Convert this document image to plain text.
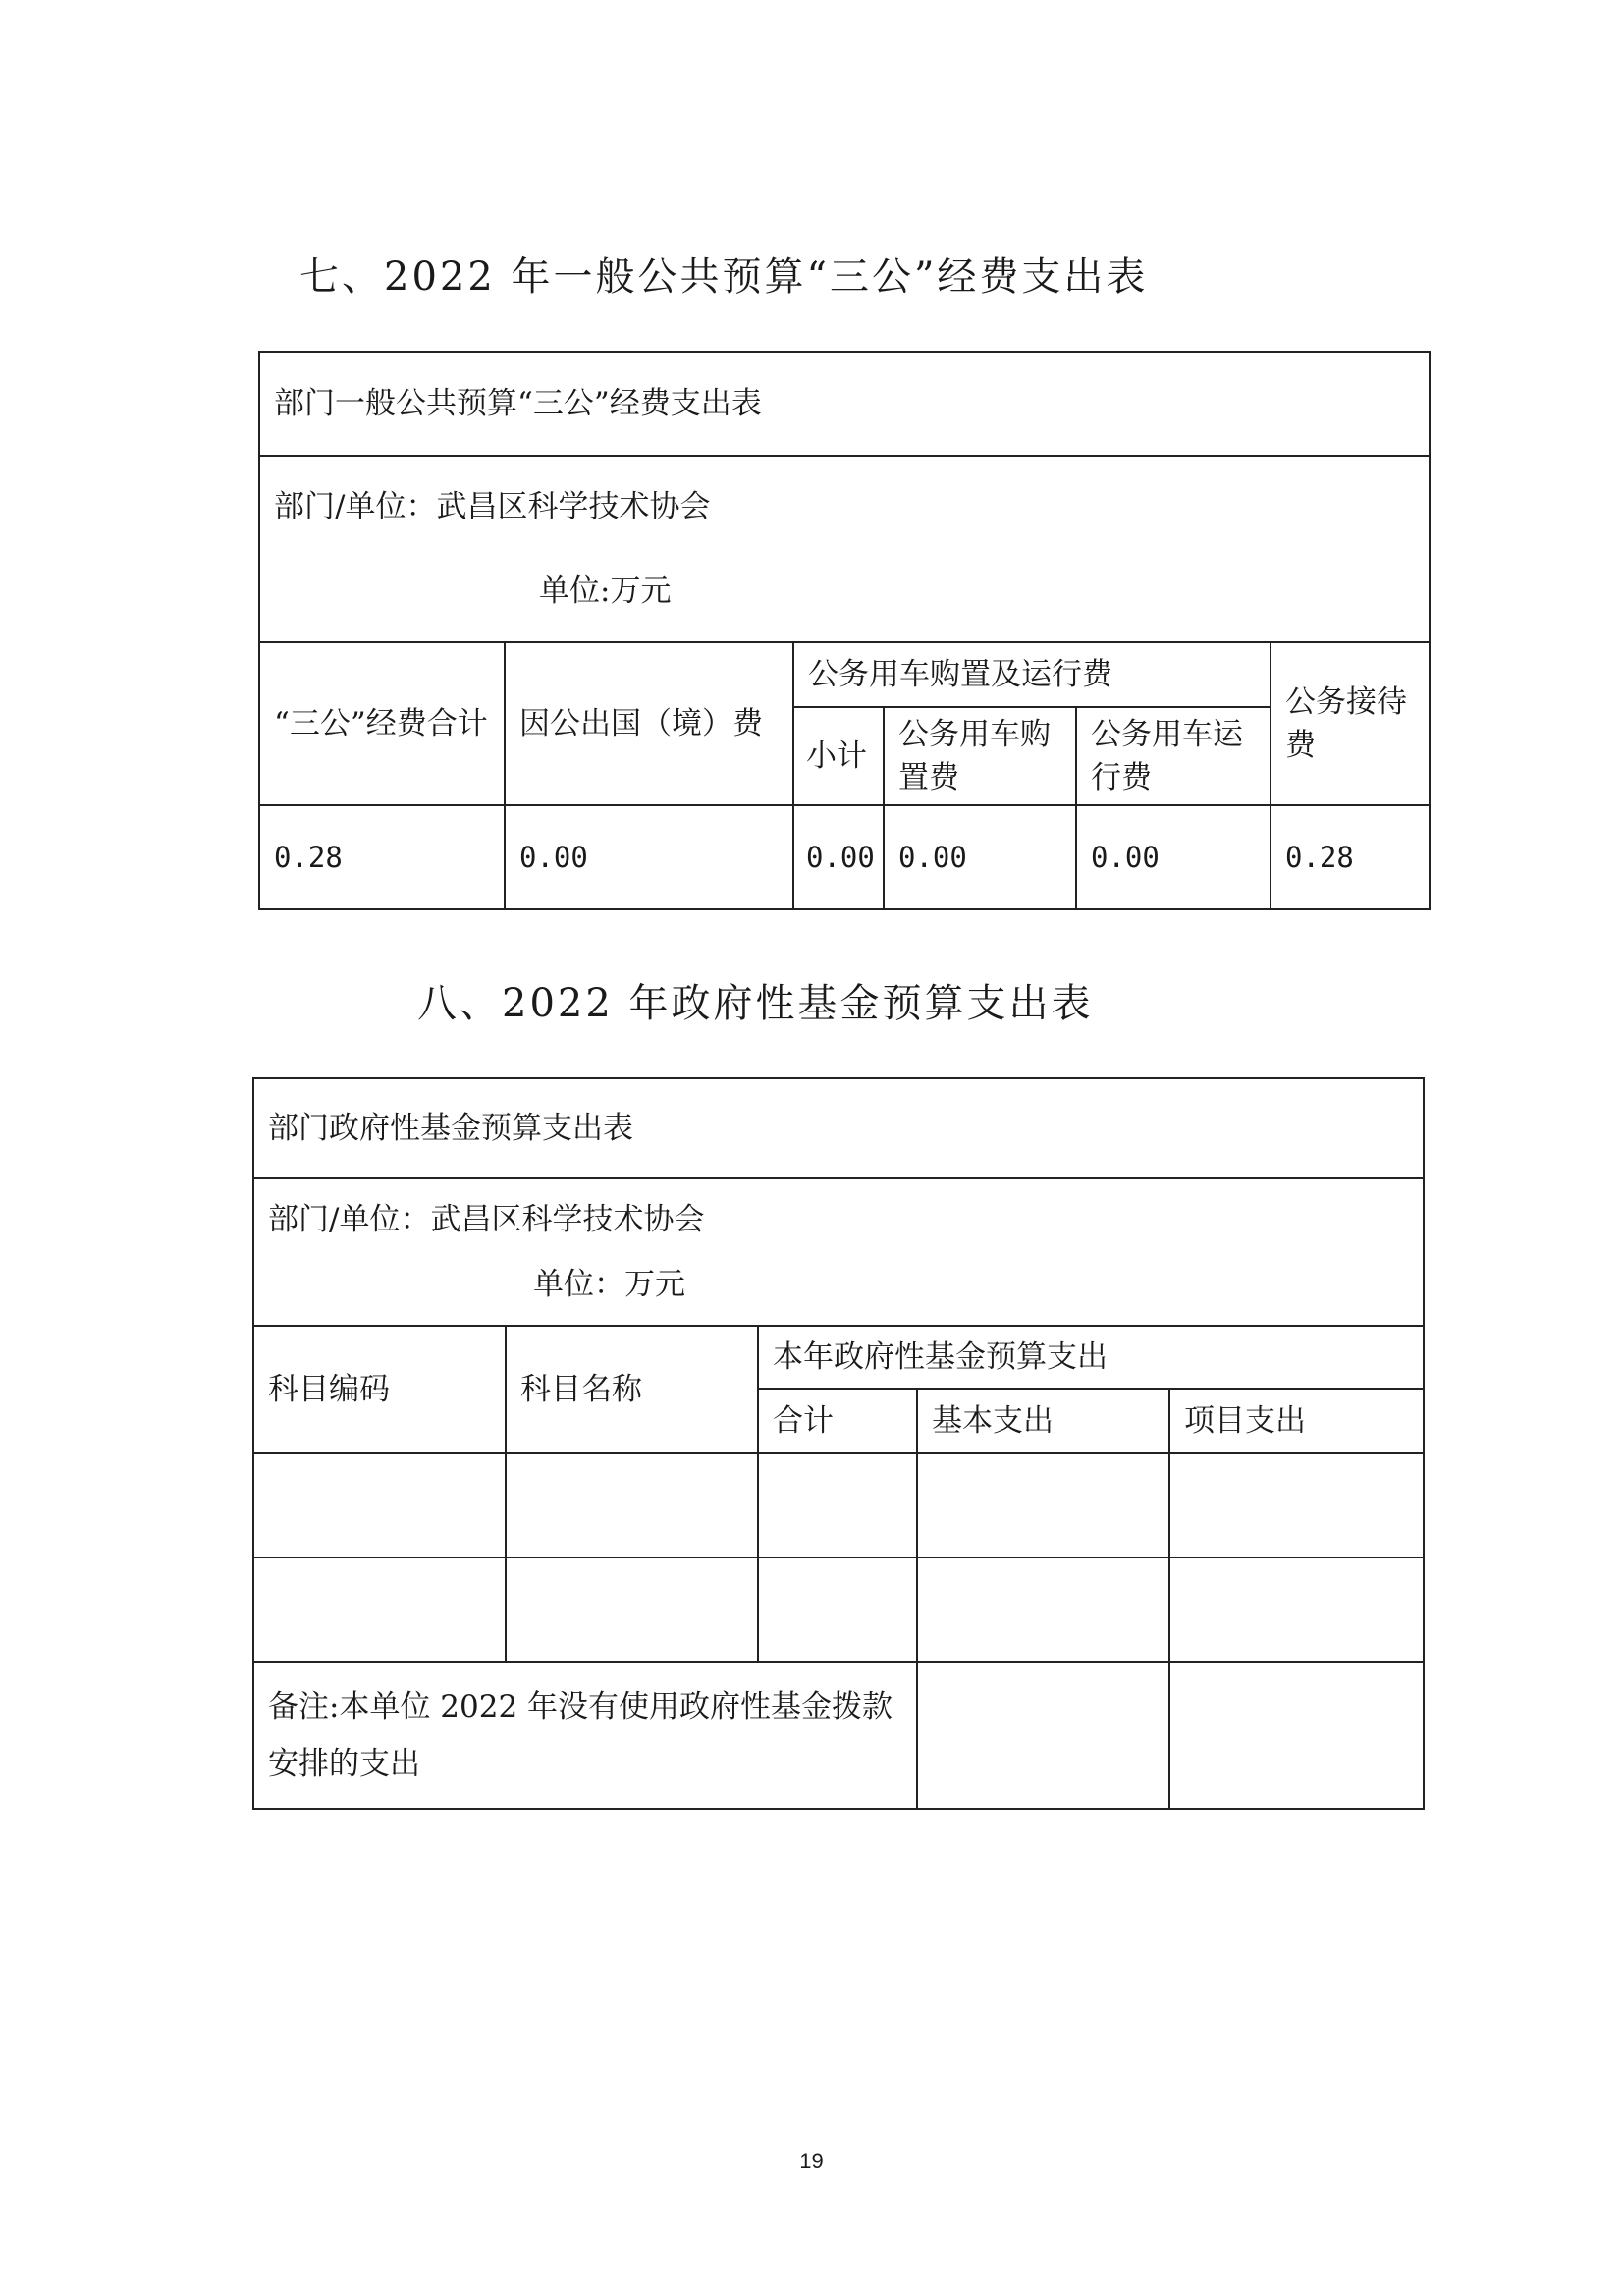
七、2022 年一般公共预算“三公”经费支出表
部门一般公共预算“三公”经费支出表					

部门/单位：武昌区科学技术协会
单位:万元					

“三公”经费合计	因公出国（境）费	公务用车购置及运行费			公务接待费
		小计	公务用车购置费	公务用车运行费	
0.28	0.00	0.00	0.00	0.00	0.28
八、2022 年政府性基金预算支出表
部门政府性基金预算支出表				

部门/单位：武昌区科学技术协会
单位：万元				

科目编码	科目名称	本年政府性基金预算支出		
		合计	基本支出	项目支出

备注:本单位 2022 年没有使用政府性基金拨款安排的支出				
19
